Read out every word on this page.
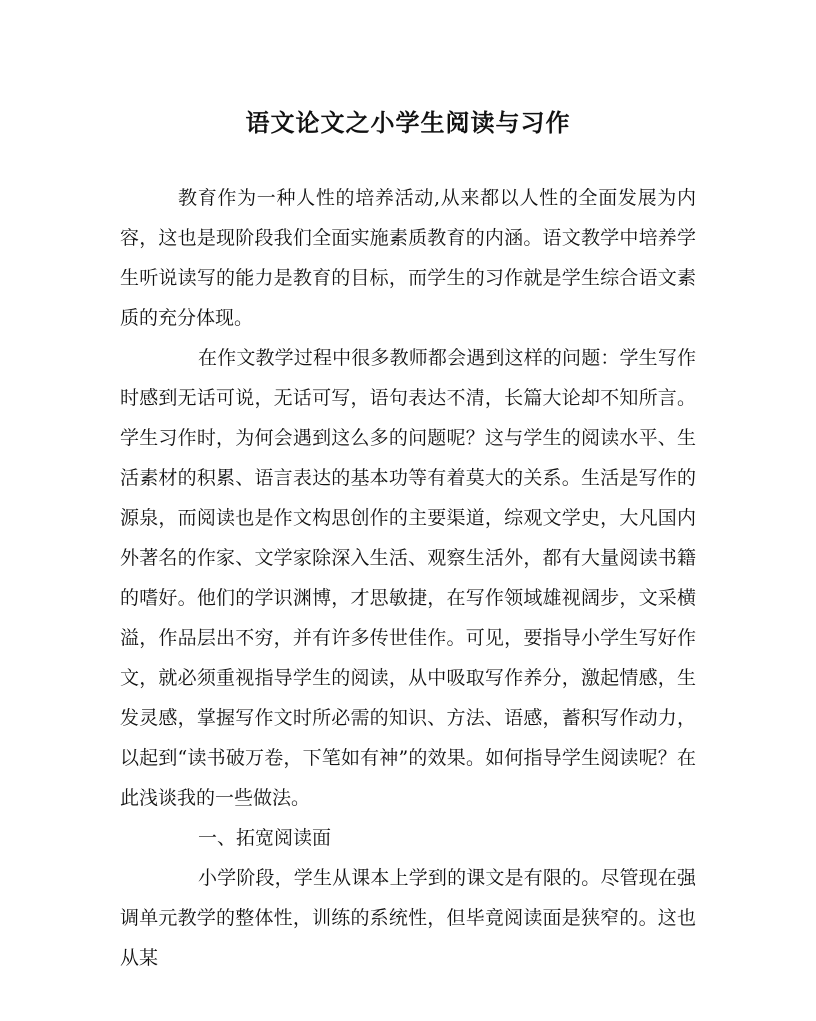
语文论文之小学生阅读与习作

教育作为一种人性的培养活动,从来都以人性的全面发展为内容，这也是现阶段我们全面实施素质教育的内涵。语文教学中培养学生听说读写的能力是教育的目标，而学生的习作就是学生综合语文素质的充分体现。

在作文教学过程中很多教师都会遇到这样的问题：学生写作时感到无话可说，无话可写，语句表达不清，长篇大论却不知所言。学生习作时，为何会遇到这么多的问题呢？这与学生的阅读水平、生活素材的积累、语言表达的基本功等有着莫大的关系。生活是写作的源泉，而阅读也是作文构思创作的主要渠道，综观文学史，大凡国内外著名的作家、文学家除深入生活、观察生活外，都有大量阅读书籍的嗜好。他们的学识渊博，才思敏捷，在写作领域雄视阔步，文采横溢，作品层出不穷，并有许多传世佳作。可见，要指导小学生写好作文，就必须重视指导学生的阅读，从中吸取写作养分，激起情感，生发灵感，掌握写作文时所必需的知识、方法、语感，蓄积写作动力，以起到“读书破万卷，下笔如有神”的效果。如何指导学生阅读呢？在此浅谈我的一些做法。

一、拓宽阅读面

小学阶段，学生从课本上学到的课文是有限的。尽管现在强调单元教学的整体性，训练的系统性，但毕竟阅读面是狭窄的。这也从某
